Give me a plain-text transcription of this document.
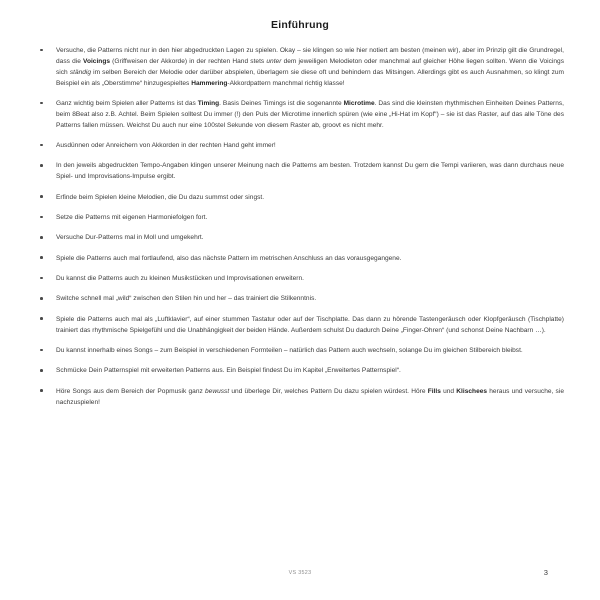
Einführung

Versuche, die Patterns nicht nur in den hier abgedruckten Lagen zu spielen. Okay – sie klingen so wie hier notiert am besten (meinen wir), aber im Prinzip gilt die Grundregel, dass die Voicings (Griffweisen der Akkorde) in der rechten Hand stets unter dem jeweiligen Melodieton oder manchmal auf gleicher Höhe liegen sollten. Wenn die Voicings sich ständig im selben Bereich der Melodie oder darüber abspielen, überlagern sie diese oft und behindern das Mitsingen. Allerdings gibt es auch Ausnahmen, so klingt zum Beispiel ein als „Oberstimme“ hinzugespieltes Hammering-Akkordpattern manchmal richtig klasse!

Ganz wichtig beim Spielen aller Patterns ist das Timing. Basis Deines Timings ist die sogenannte Microtime. Das sind die kleinsten rhythmischen Einheiten Deines Patterns, beim 8Beat also z.B. Achtel. Beim Spielen solltest Du immer (!) den Puls der Microtime innerlich spüren (wie eine „Hi-Hat im Kopf“) – sie ist das Raster, auf das alle Töne des Patterns fallen müssen. Weichst Du auch nur eine 100stel Sekunde von diesem Raster ab, groovt es nicht mehr.

Ausdünnen oder Anreichern von Akkorden in der rechten Hand geht immer!

In den jeweils abgedruckten Tempo-Angaben klingen unserer Meinung nach die Patterns am besten. Trotzdem kannst Du gern die Tempi variieren, was dann durchaus neue Spiel- und Improvisations-Impulse ergibt.

Erfinde beim Spielen kleine Melodien, die Du dazu summst oder singst.

Setze die Patterns mit eigenen Harmoniefolgen fort.

Versuche Dur-Patterns mal in Moll und umgekehrt.

Spiele die Patterns auch mal fortlaufend, also das nächste Pattern im metrischen Anschluss an das vorausgegangene.

Du kannst die Patterns auch zu kleinen Musikstücken und Improvisationen erweitern.

Switche schnell mal „wild“ zwischen den Stilen hin und her – das trainiert die Stilkenntnis.

Spiele die Patterns auch mal als „Luftklavier“, auf einer stummen Tastatur oder auf der Tischplatte. Das dann zu hörende Tastengeräusch oder Klopfgeräusch (Tischplatte) trainiert das rhythmische Spielgefühl und die Unabhängigkeit der beiden Hände. Außerdem schulst Du dadurch Deine „Finger-Ohren“ (und schonst Deine Nachbarn …).

Du kannst innerhalb eines Songs – zum Beispiel in verschiedenen Formteilen – natürlich das Pattern auch wechseln, solange Du im gleichen Stilbereich bleibst.

Schmücke Dein Patternspiel mit erweiterten Patterns aus. Ein Beispiel findest Du im Kapitel „Erweitertes Patternspiel“.

Höre Songs aus dem Bereich der Popmusik ganz bewusst und überlege Dir, welches Pattern Du dazu spielen würdest. Höre Fills und Klischees heraus und versuche, sie nachzuspielen!

VS 3523	3
